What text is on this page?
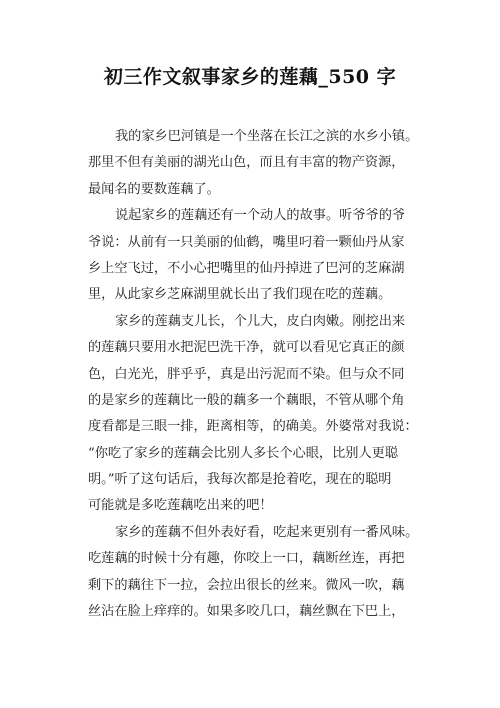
初三作文叙事家乡的莲藕_550 字
我的家乡巴河镇是一个坐落在长江之滨的水乡小镇。
那里不但有美丽的湖光山色，而且有丰富的物产资源，
最闻名的要数莲藕了。
说起家乡的莲藕还有一个动人的故事。听爷爷的爷
爷说：从前有一只美丽的仙鹤，嘴里叼着一颗仙丹从家
乡上空飞过，不小心把嘴里的仙丹掉进了巴河的芝麻湖
里，从此家乡芝麻湖里就长出了我们现在吃的莲藕。
家乡的莲藕支儿长，个儿大，皮白肉嫩。刚挖出来
的莲藕只要用水把泥巴洗干净，就可以看见它真正的颜
色，白光光，胖乎乎，真是出污泥而不染。但与众不同
的是家乡的莲藕比一般的藕多一个藕眼，不管从哪个角
度看都是三眼一排，距离相等，的确美。外婆常对我说：
“你吃了家乡的莲藕会比别人多长个心眼，比别人更聪
明。”听了这句话后，我每次都是抢着吃，现在的聪明
可能就是多吃莲藕吃出来的吧！
家乡的莲藕不但外表好看，吃起来更别有一番风味。
吃莲藕的时候十分有趣，你咬上一口，藕断丝连，再把
剩下的藕往下一拉，会拉出很长的丝来。微风一吹，藕
丝沾在脸上痒痒的。如果多咬几口，藕丝飘在下巴上，
